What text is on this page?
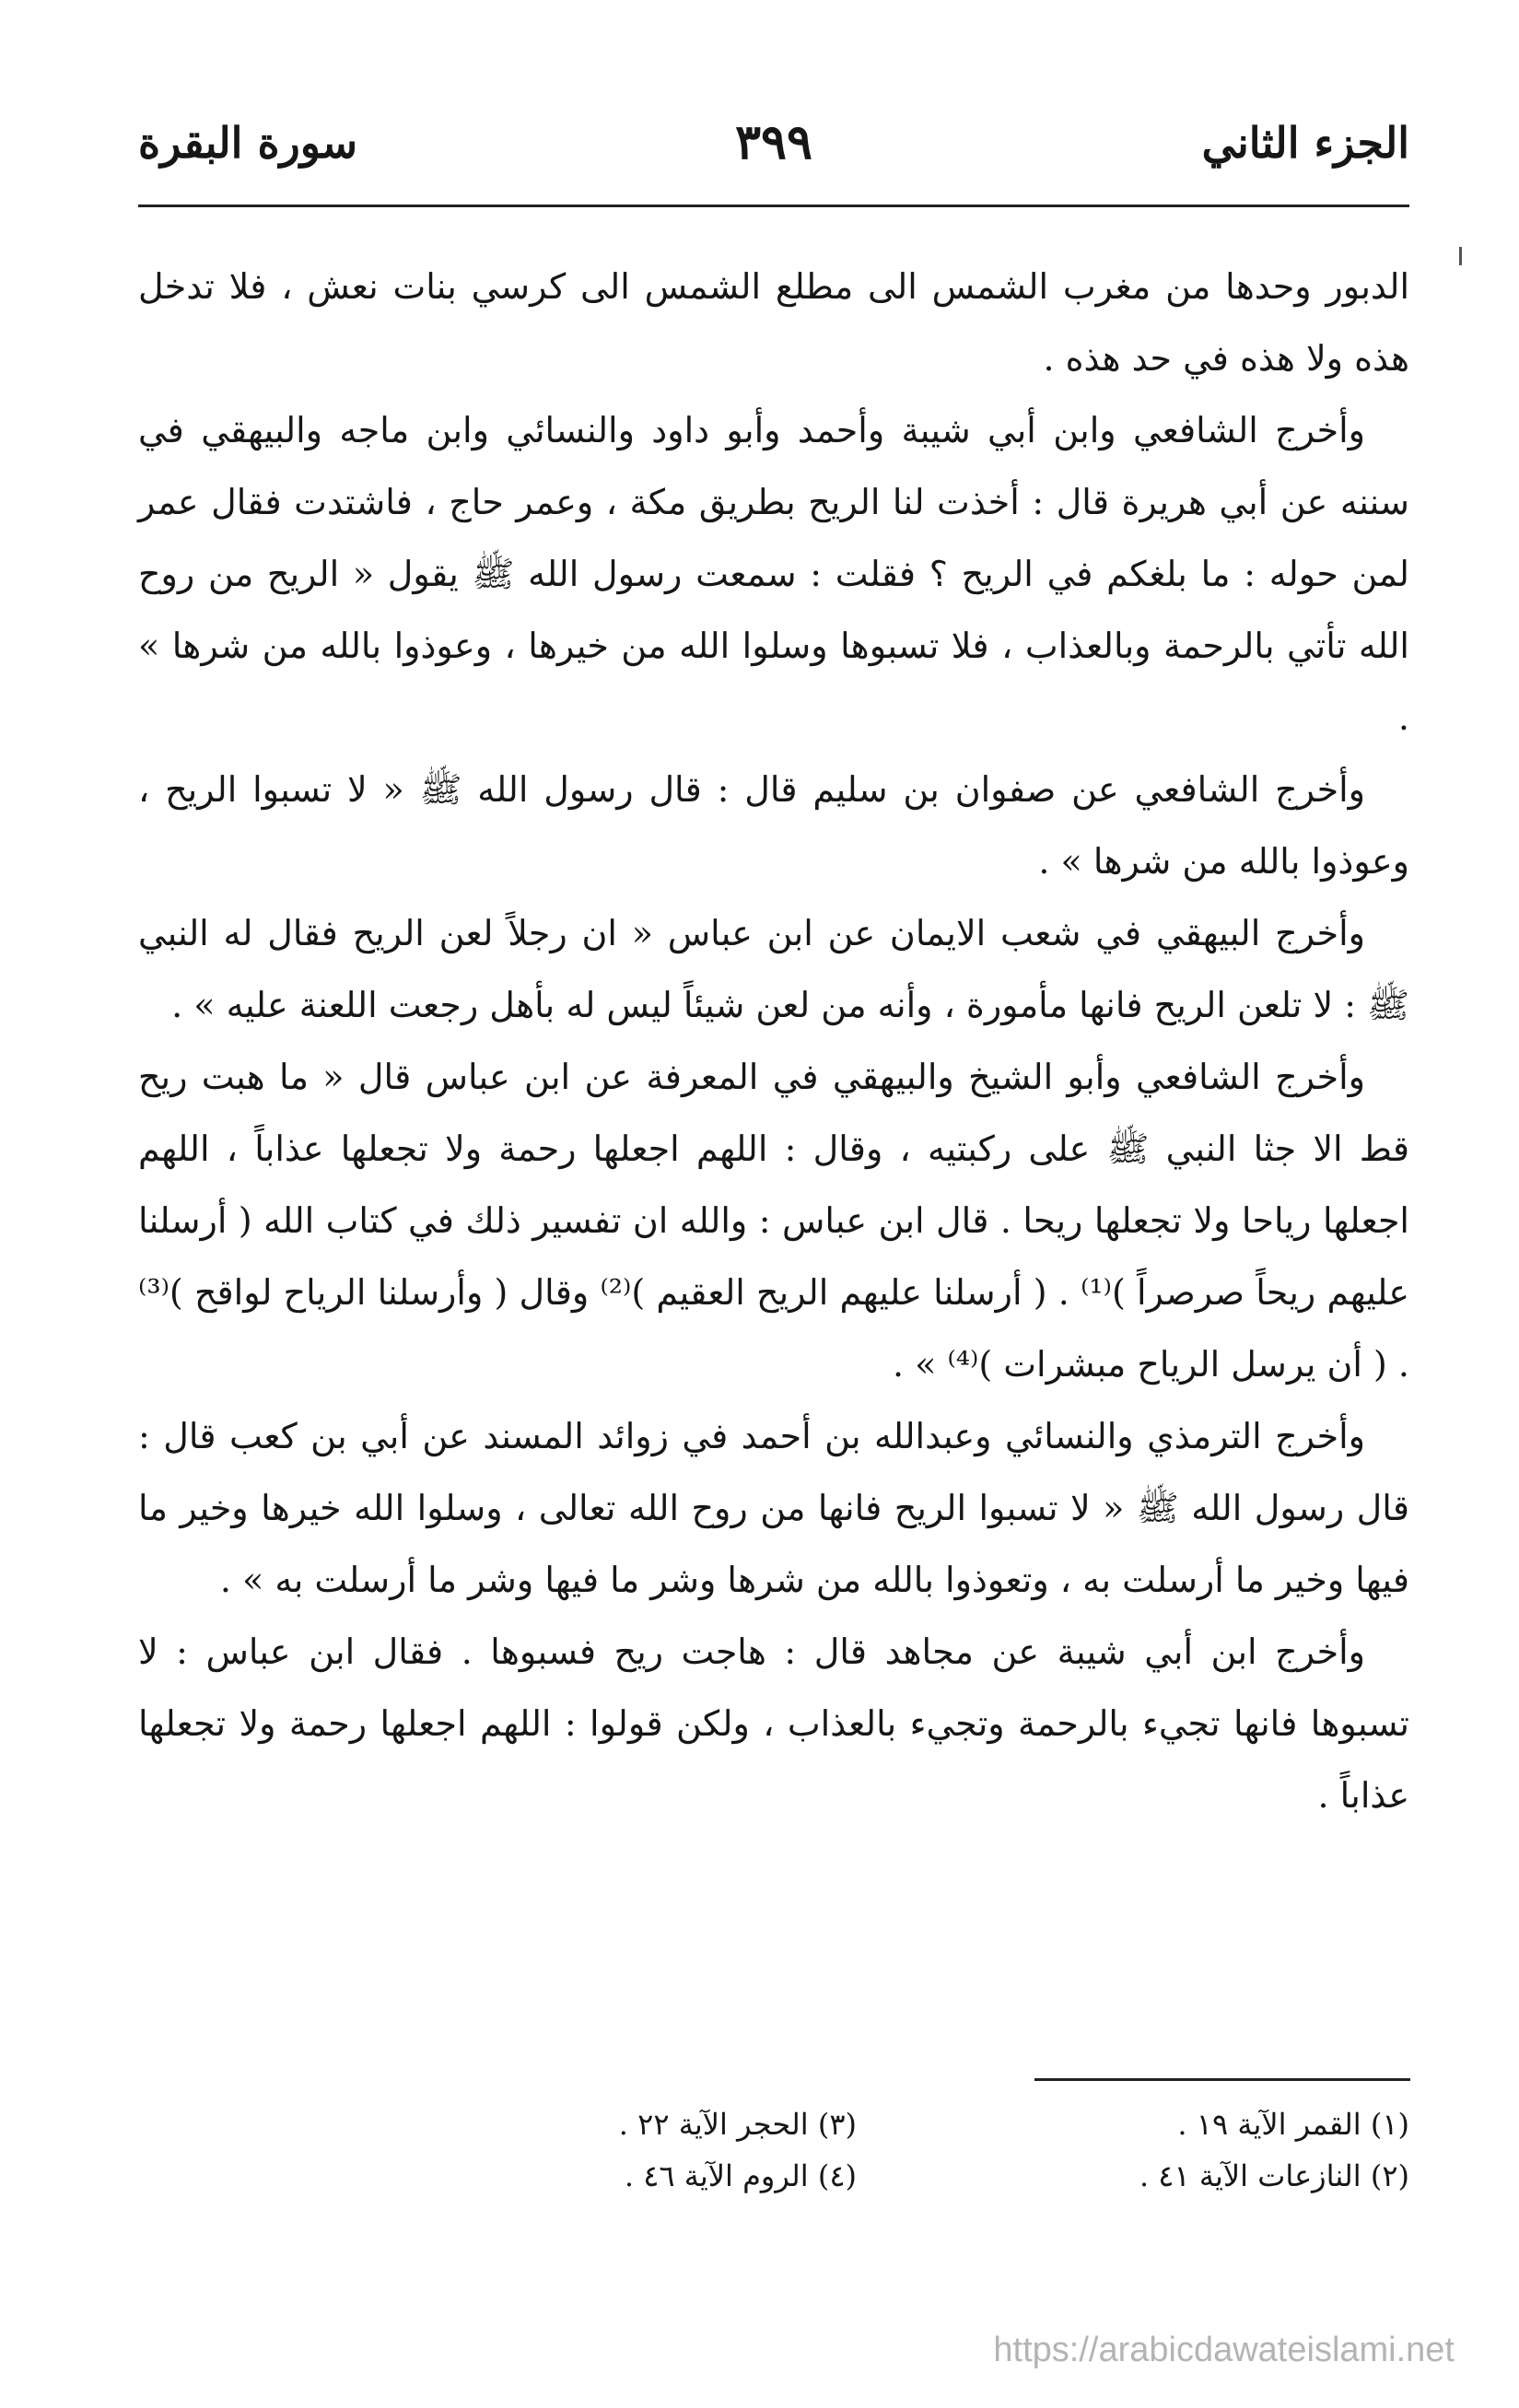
الجزء الثاني
٣٩٩
سورة البقرة

الدبور وحدها من مغرب الشمس الى مطلع الشمس الى كرسي بنات نعش ، فلا تدخل هذه ولا هذه في حد هذه .

وأخرج الشافعي وابن أبي شيبة وأحمد وأبو داود والنسائي وابن ماجه والبيهقي في سننه عن أبي هريرة قال : أخذت لنا الريح بطريق مكة ، وعمر حاج ، فاشتدت فقال عمر لمن حوله : ما بلغكم في الريح ؟ فقلت : سمعت رسول الله ﷺ يقول « الريح من روح الله تأتي بالرحمة وبالعذاب ، فلا تسبوها وسلوا الله من خيرها ، وعوذوا بالله من شرها » .

وأخرج الشافعي عن صفوان بن سليم قال : قال رسول الله ﷺ « لا تسبوا الريح ، وعوذوا بالله من شرها » .

وأخرج البيهقي في شعب الايمان عن ابن عباس « ان رجلاً لعن الريح فقال له النبي ﷺ : لا تلعن الريح فانها مأمورة ، وأنه من لعن شيئاً ليس له بأهل رجعت اللعنة عليه » .

وأخرج الشافعي وأبو الشيخ والبيهقي في المعرفة عن ابن عباس قال « ما هبت ريح قط الا جثا النبي ﷺ على ركبتيه ، وقال : اللهم اجعلها رحمة ولا تجعلها عذاباً ، اللهم اجعلها رياحا ولا تجعلها ريحا . قال ابن عباس : والله ان تفسير ذلك في كتاب الله ( أرسلنا عليهم ريحاً صرصراً )⁽¹⁾ . ( أرسلنا عليهم الريح العقيم )⁽²⁾ وقال ( وأرسلنا الرياح لواقح )⁽³⁾ . ( أن يرسل الرياح مبشرات )⁽⁴⁾ » .

وأخرج الترمذي والنسائي وعبدالله بن أحمد في زوائد المسند عن أبي بن كعب قال : قال رسول الله ﷺ « لا تسبوا الريح فانها من روح الله تعالى ، وسلوا الله خيرها وخير ما فيها وخير ما أرسلت به ، وتعوذوا بالله من شرها وشر ما فيها وشر ما أرسلت به » .

وأخرج ابن أبي شيبة عن مجاهد قال : هاجت ريح فسبوها . فقال ابن عباس : لا تسبوها فانها تجيء بالرحمة وتجيء بالعذاب ، ولكن قولوا : اللهم اجعلها رحمة ولا تجعلها عذاباً .

(١) القمر الآية ١٩ .
(٢) النازعات الآية ٤١ .
(٣) الحجر الآية ٢٢ .
(٤) الروم الآية ٤٦ .
https://arabicdawateislami.net
